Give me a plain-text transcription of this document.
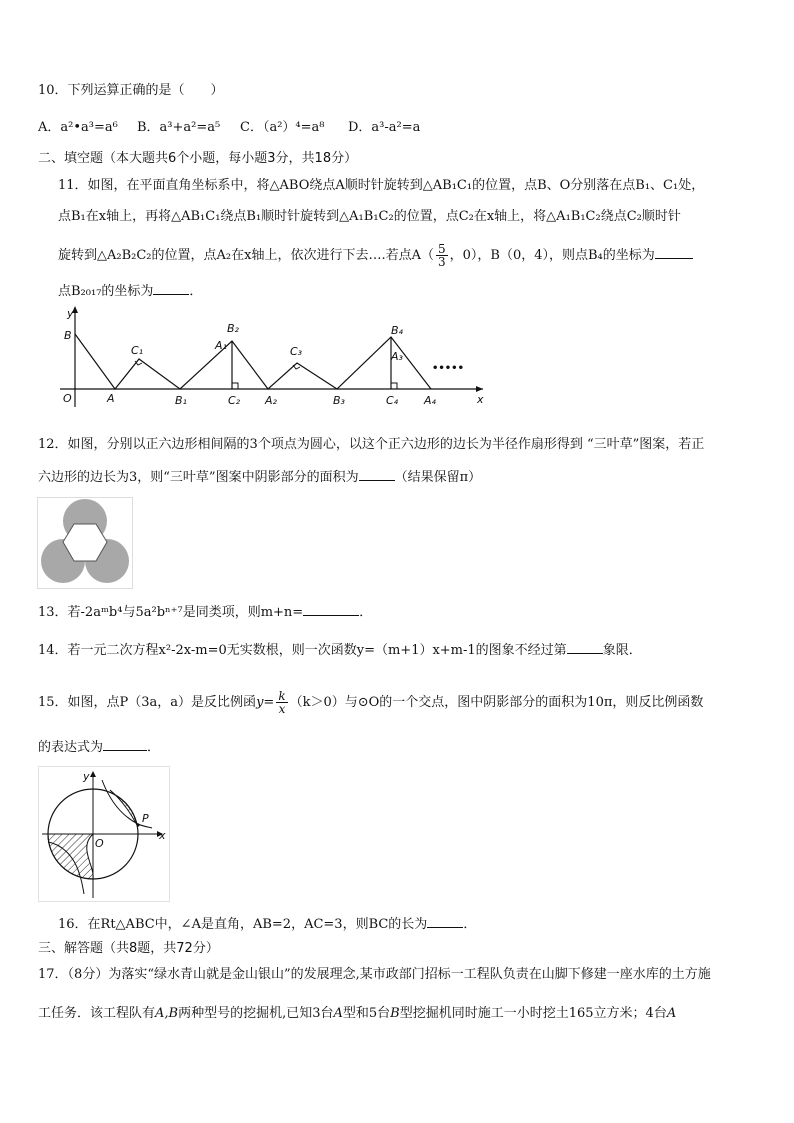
10．下列运算正确的是（　　）
A．a²•a³=a⁶ B．a³+a²=a⁵ C．（a²）⁴=a⁸ D．a³-a²=a
二、填空题（本大题共6个小题，每小题3分，共18分）
11．如图，在平面直角坐标系中，将△ABO绕点A顺时针旋转到△AB₁C₁的位置，点B、O分别落在点B₁、C₁处，
点B₁在x轴上，再将△AB₁C₁绕点B₁顺时针旋转到△A₁B₁C₂的位置，点C₂在x轴上，将△A₁B₁C₂绕点C₂顺时针
旋转到△A₂B₂C₂的位置，点A₂在x轴上，依次进行下去….若点$A( \frac{5}{3}$ ，0），B（0，4），则点B₄的坐标为
点B₂₀₁₇的坐标为	．
y
B
O	A
C₁
B₁
B₂
A₁
C₂ A₂
C₃
B₃
B₄
A₃
C₄ A₄	x
•••••
12．如图，分别以正六边形相间隔的3个项点为圆心，以这个正六边形的边长为半径作扇形得到 “三叶草”图案，若正
六边形的边长为3，则“三叶草”图案中阴影部分的面积为	（结果保留π）
13．若-2aᵐb⁴与5a²bⁿ⁺⁷是同类项，则m+n=	．
14．若一元二次方程x²-2x-m=0无实数根，则一次函数y=（m+1）x+m-1的图象不经过第	象限．
15．如图，点P（3a，a）是反比例函$y= \frac{k}{x} (k>0)$与⊙O的一个交点，图中阴影部分的面积为10π，则反比例函数
的表达式为	．
y
P
x
O
16．在Rt△ABC中，∠A是直角，AB=2，AC=3，则BC的长为	．
三、解答题（共8题，共72分）
17．（8分）为落实“绿水青山就是金山银山”的发展理念,某市政部门招标一工程队负责在山脚下修建一座水库的土方施
工任务．该工程队有A,B两种型号的挖掘机,已知3台A型和5台B型挖掘机同时施工一小时挖土165立方米；4台A
